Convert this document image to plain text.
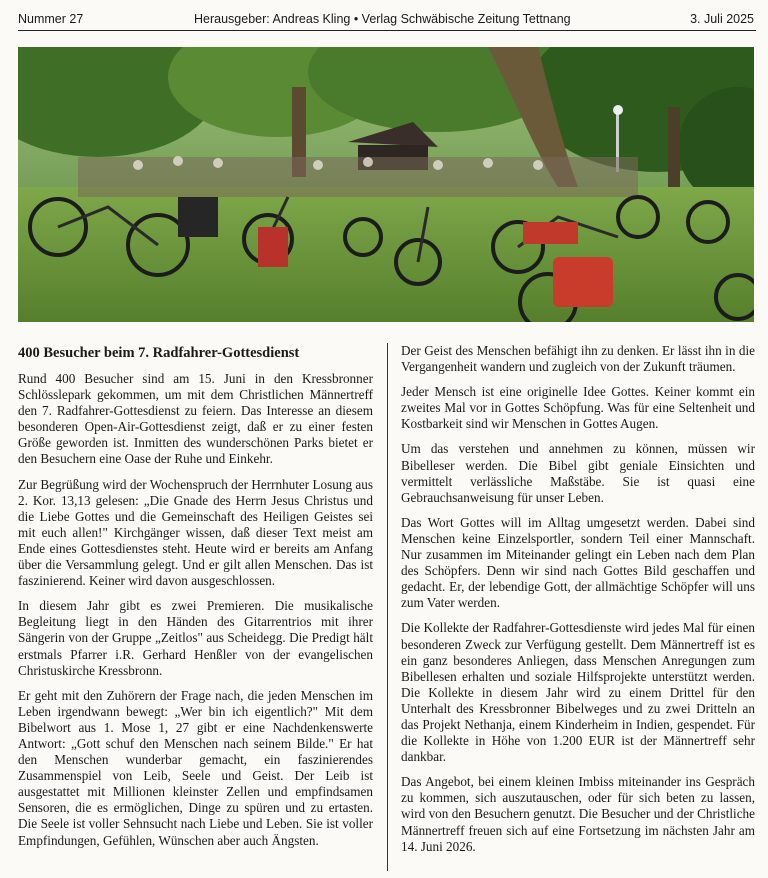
Nummer 27	Herausgeber: Andreas Kling • Verlag Schwäbische Zeitung Tettnang	3. Juli 2025
400 Besucher beim 7. Radfahrer-Gottesdienst

Rund 400 Besucher sind am 15. Juni in den Kressbronner Schlösslepark gekommen, um mit dem Christlichen Männertreff den 7. Radfahrer-Gottesdienst zu feiern. Das Interesse an diesem besonderen Open-Air-Gottesdienst zeigt, daß er zu einer festen Größe geworden ist. Inmitten des wunderschönen Parks bietet er den Besuchern eine Oase der Ruhe und Einkehr.

Zur Begrüßung wird der Wochenspruch der Herrnhuter Losung aus 2. Kor. 13,13 gelesen: „Die Gnade des Herrn Jesus Christus und die Liebe Gottes und die Gemeinschaft des Heiligen Geistes sei mit euch allen!" Kirchgänger wissen, daß dieser Text meist am Ende eines Gottesdienstes steht. Heute wird er bereits am Anfang über die Versammlung gelegt. Und er gilt allen Menschen. Das ist faszinierend. Keiner wird davon ausgeschlossen.

In diesem Jahr gibt es zwei Premieren. Die musikalische Begleitung liegt in den Händen des Gitarrentrios mit ihrer Sängerin von der Gruppe „Zeitlos" aus Scheidegg. Die Predigt hält erstmals Pfarrer i.R. Gerhard Henßler von der evangelischen Christuskirche Kressbronn.

Er geht mit den Zuhörern der Frage nach, die jeden Menschen im Leben irgendwann bewegt: „Wer bin ich eigentlich?" Mit dem Bibelwort aus 1. Mose 1, 27 gibt er eine Nachdenkenswerte Antwort: „Gott schuf den Menschen nach seinem Bilde." Er hat den Menschen wunderbar gemacht, ein faszinierendes Zusammenspiel von Leib, Seele und Geist. Der Leib ist ausgestattet mit Millionen kleinster Zellen und empfindsamen Sensoren, die es ermöglichen, Dinge zu spüren und zu ertasten. Die Seele ist voller Sehnsucht nach Liebe und Leben. Sie ist voller Empfindungen, Gefühlen, Wünschen aber auch Ängsten.

Der Geist des Menschen befähigt ihn zu denken. Er lässt ihn in die Vergangenheit wandern und zugleich von der Zukunft träumen.

Jeder Mensch ist eine originelle Idee Gottes. Keiner kommt ein zweites Mal vor in Gottes Schöpfung. Was für eine Seltenheit und Kostbarkeit sind wir Menschen in Gottes Augen.

Um das verstehen und annehmen zu können, müssen wir Bibelleser werden. Die Bibel gibt geniale Einsichten und vermittelt verlässliche Maßstäbe. Sie ist quasi eine Gebrauchsanweisung für unser Leben.

Das Wort Gottes will im Alltag umgesetzt werden. Dabei sind Menschen keine Einzelsportler, sondern Teil einer Mannschaft. Nur zusammen im Miteinander gelingt ein Leben nach dem Plan des Schöpfers. Denn wir sind nach Gottes Bild geschaffen und gedacht. Er, der lebendige Gott, der allmächtige Schöpfer will uns zum Vater werden.

Die Kollekte der Radfahrer-Gottesdienste wird jedes Mal für einen besonderen Zweck zur Verfügung gestellt. Dem Männertreff ist es ein ganz besonderes Anliegen, dass Menschen Anregungen zum Bibellesen erhalten und soziale Hilfsprojekte unterstützt werden. Die Kollekte in diesem Jahr wird zu einem Drittel für den Unterhalt des Kressbronner Bibelweges und zu zwei Dritteln an das Projekt Nethanja, einem Kinderheim in Indien, gespendet. Für die Kollekte in Höhe von 1.200 EUR ist der Männertreff sehr dankbar.

Das Angebot, bei einem kleinen Imbiss miteinander ins Gespräch zu kommen, sich auszutauschen, oder für sich beten zu lassen, wird von den Besuchern genutzt. Die Besucher und der Christliche Männertreff freuen sich auf eine Fortsetzung im nächsten Jahr am 14. Juni 2026.
